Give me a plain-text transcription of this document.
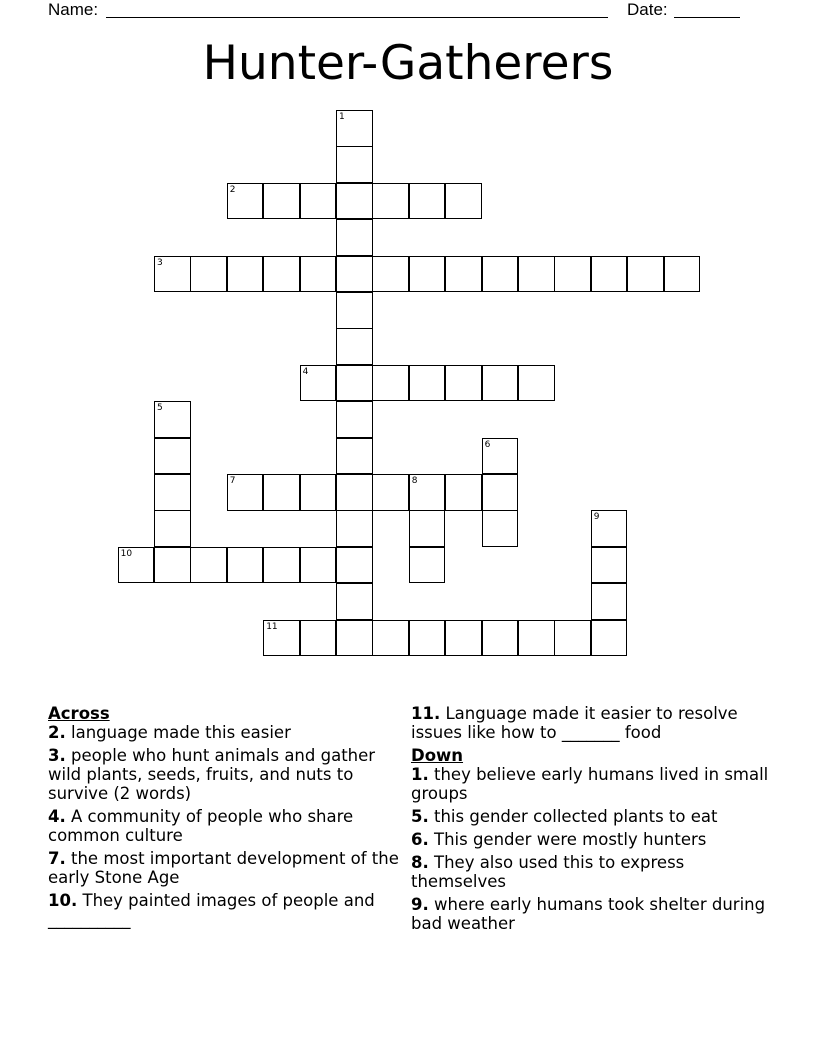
Name:	Date:
Hunter-Gatherers
1
2
3
4
5
6
7	8
9
10
11
Across
2. language made this easier
3. people who hunt animals and gather wild plants, seeds, fruits, and nuts to survive (2 words)
4. A community of people who share common culture
7. the most important development of the early Stone Age
10. They painted images of people and __________
11. Language made it easier to resolve issues like how to _______ food
Down
1. they believe early humans lived in small groups
5. this gender collected plants to eat
6. This gender were mostly hunters
8. They also used this to express themselves
9. where early humans took shelter during bad weather
